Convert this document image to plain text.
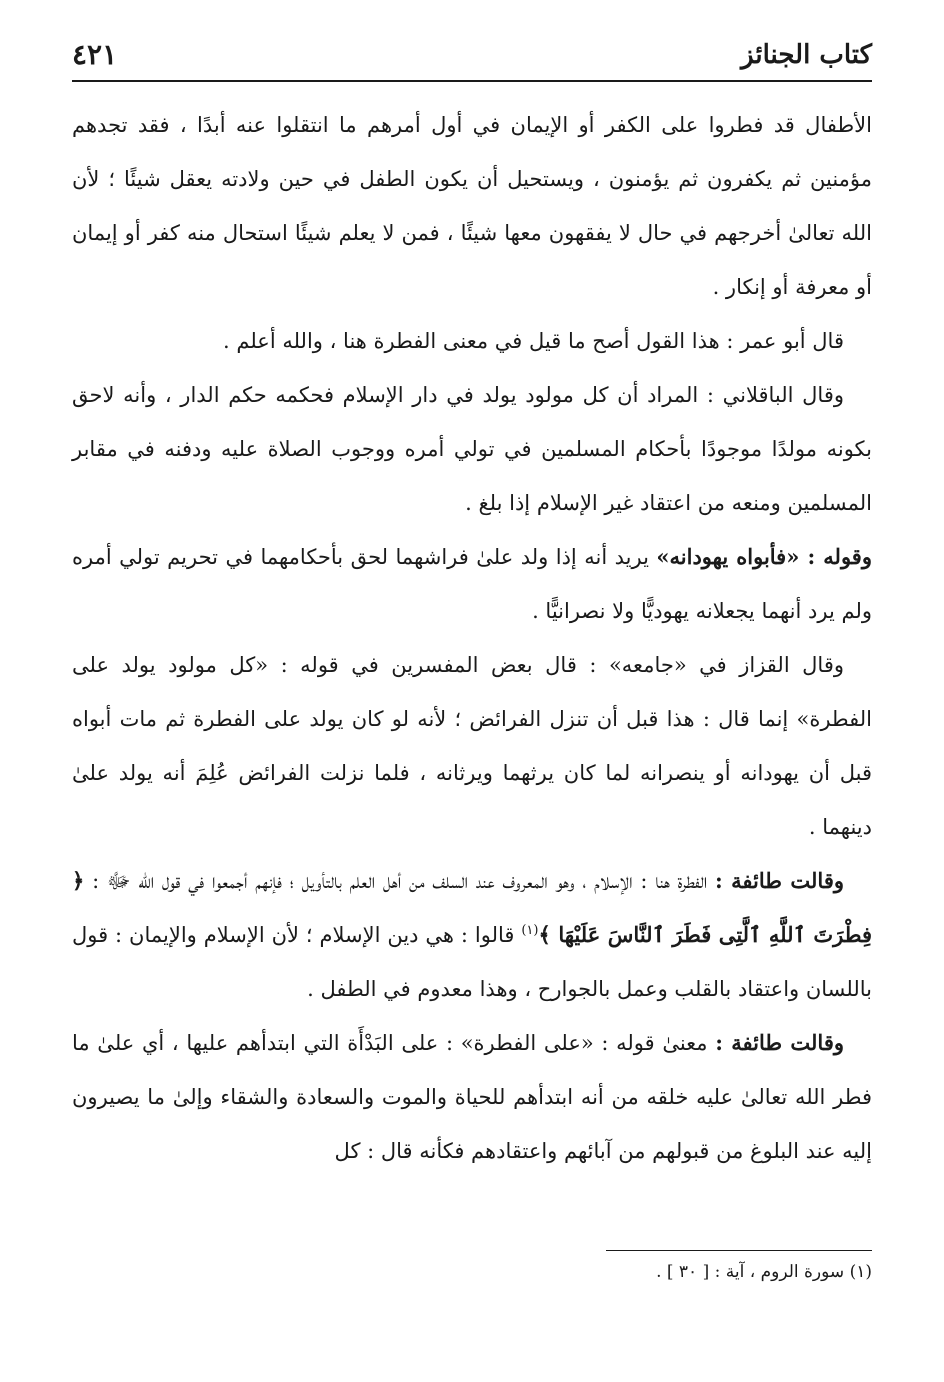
كتاب الجنائز
٤٢١

الأطفال قد فطروا على الكفر أو الإيمان في أول أمرهم ما انتقلوا عنه أبدًا ، فقد تجدهم مؤمنين ثم يكفرون ثم يؤمنون ، ويستحيل أن يكون الطفل في حين ولادته يعقل شيئًا ؛ لأن الله تعالىٰ أخرجهم في حال لا يفقهون معها شيئًا ، فمن لا يعلم شيئًا استحال منه كفر أو إيمان أو معرفة أو إنكار .

قال أبو عمر : هذا القول أصح ما قيل في معنى الفطرة هنا ، والله أعلم .

وقال الباقلاني : المراد أن كل مولود يولد في دار الإسلام فحكمه حكم الدار ، وأنه لاحق بكونه مولدًا موجودًا بأحكام المسلمين في تولي أمره ووجوب الصلاة عليه ودفنه في مقابر المسلمين ومنعه من اعتقاد غير الإسلام إذا بلغ .

وقوله : «فأبواه يهودانه» يريد أنه إذا ولد علىٰ فراشهما لحق بأحكامهما في تحريم تولي أمره ولم يرد أنهما يجعلانه يهوديًّا ولا نصرانيًّا .

وقال القزاز في «جامعه» : قال بعض المفسرين في قوله : «كل مولود يولد على الفطرة» إنما قال : هذا قبل أن تنزل الفرائض ؛ لأنه لو كان يولد على الفطرة ثم مات أبواه قبل أن يهودانه أو ينصرانه لما كان يرثهما ويرثانه ، فلما نزلت الفرائض عُلِمَ أنه يولد علىٰ دينهما .

وقالت طائفة : الفطرة هنا : الإسلام ، وهو المعروف عند السلف من أهل العلم بالتأويل ؛ فإنهم أجمعوا في قول الله ﷻ : ﴿ فِطْرَتَ ٱللَّهِ ٱلَّتِى فَطَرَ ٱلنَّاسَ عَلَيْهَا ﴾$^{(١)}$ قالوا : هي دين الإسلام ؛ لأن الإسلام والإيمان : قول باللسان واعتقاد بالقلب وعمل بالجوارح ، وهذا معدوم في الطفل .

وقالت طائفة : معنىٰ قوله : «على الفطرة» : على البَدْأَة التي ابتدأهم عليها ، أي علىٰ ما فطر الله تعالىٰ عليه خلقه من أنه ابتدأهم للحياة والموت والسعادة والشقاء وإلىٰ ما يصيرون إليه عند البلوغ من قبولهم من آبائهم واعتقادهم فكأنه قال : كل

(١) سورة الروم ، آية : [ ٣٠ ] .
